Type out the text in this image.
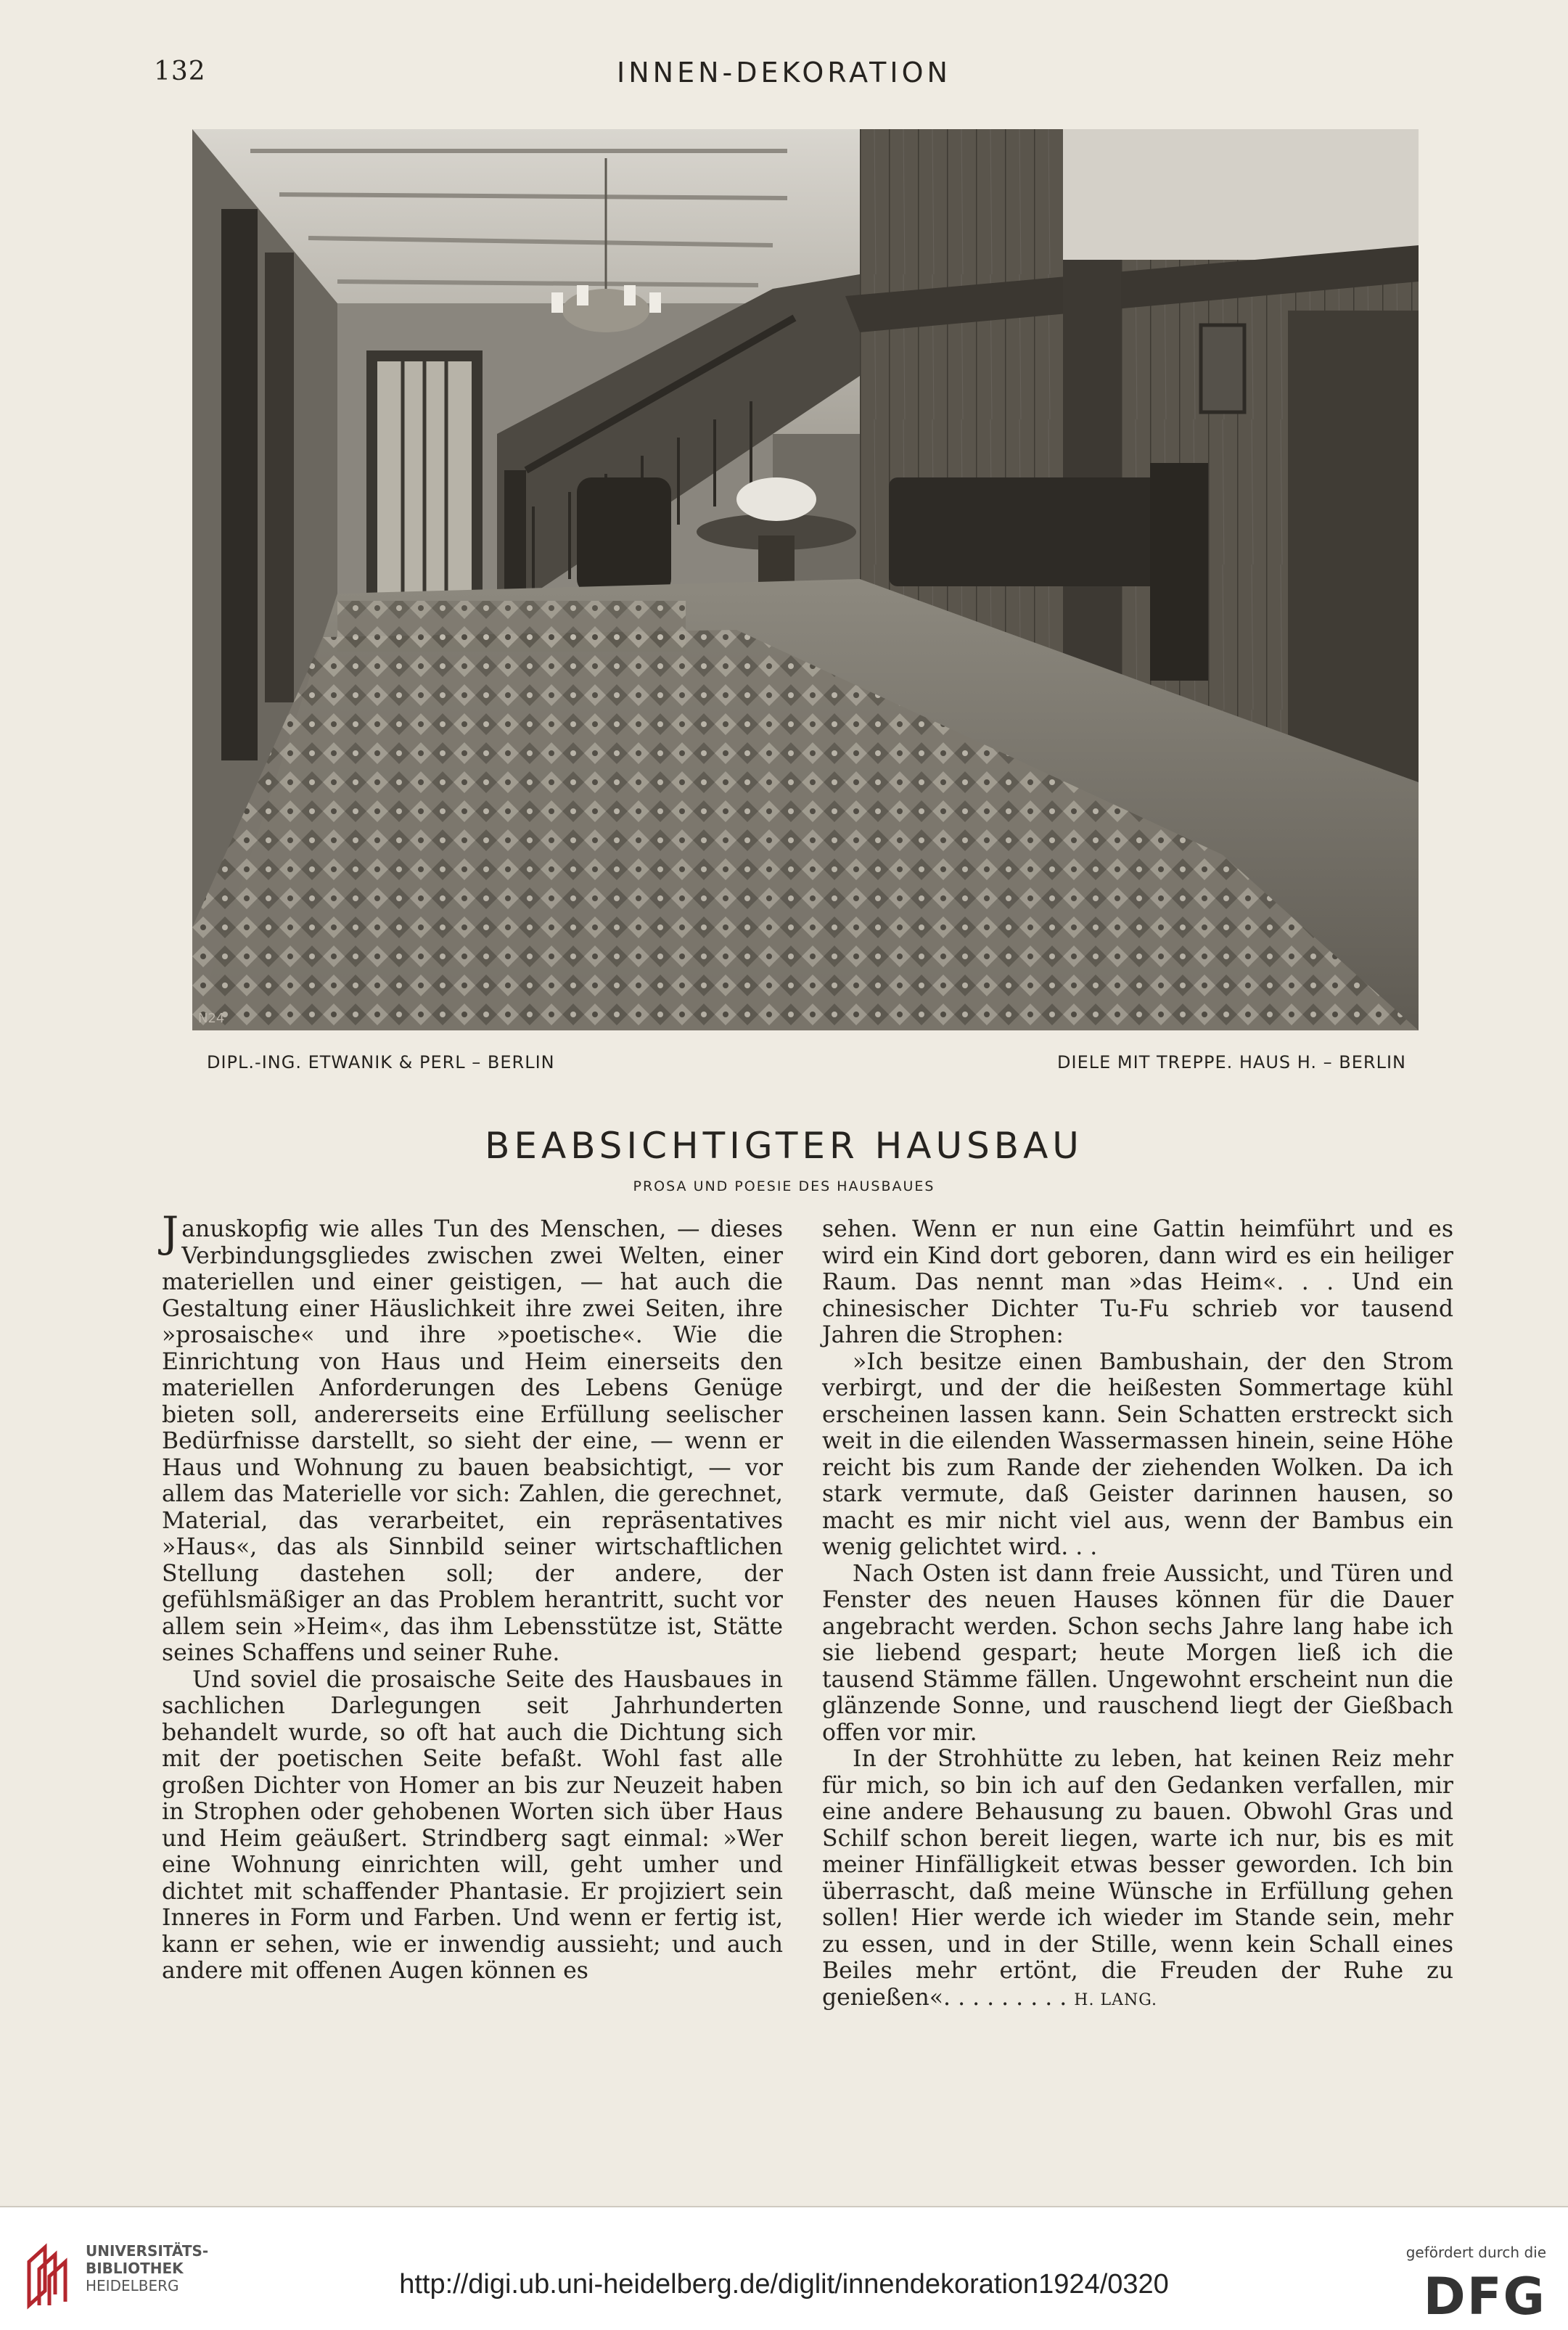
132	INNEN-DEKORATION
N24
DIPL.-ING. ETWANIK & PERL – BERLIN	DIELE MIT TREPPE. HAUS H. – BERLIN
BEABSICHTIGTER HAUSBAU
PROSA UND POESIE DES HAUSBAUES

Januskopfig wie alles Tun des Menschen, — dieses Verbindungsgliedes zwischen zwei Welten, einer materiellen und einer geistigen, — hat auch die Gestaltung einer Häuslichkeit ihre zwei Seiten, ihre »prosaische« und ihre »poetische«. Wie die Einrichtung von Haus und Heim einerseits den materiellen Anforderungen des Lebens Genüge bieten soll, andererseits eine Erfüllung seelischer Bedürfnisse darstellt, so sieht der eine, — wenn er Haus und Wohnung zu bauen beabsichtigt, — vor allem das Materielle vor sich: Zahlen, die gerechnet, Material, das verarbeitet, ein repräsentatives »Haus«, das als Sinnbild seiner wirtschaftlichen Stellung dastehen soll; der andere, der gefühlsmäßiger an das Problem herantritt, sucht vor allem sein »Heim«, das ihm Lebensstütze ist, Stätte seines Schaffens und seiner Ruhe.

Und soviel die prosaische Seite des Hausbaues in sachlichen Darlegungen seit Jahrhunderten behandelt wurde, so oft hat auch die Dichtung sich mit der poetischen Seite befaßt. Wohl fast alle großen Dichter von Homer an bis zur Neuzeit haben in Strophen oder gehobenen Worten sich über Haus und Heim geäußert. Strindberg sagt einmal: »Wer eine Wohnung einrichten will, geht umher und dichtet mit schaffender Phantasie. Er projiziert sein Inneres in Form und Farben. Und wenn er fertig ist, kann er sehen, wie er inwendig aussieht; und auch andere mit offenen Augen können es

sehen. Wenn er nun eine Gattin heimführt und es wird ein Kind dort geboren, dann wird es ein heiliger Raum. Das nennt man »das Heim«. . . Und ein chinesischer Dichter Tu-Fu schrieb vor tausend Jahren die Strophen:

»Ich besitze einen Bambushain, der den Strom verbirgt, und der die heißesten Sommertage kühl erscheinen lassen kann. Sein Schatten erstreckt sich weit in die eilenden Wassermassen hinein, seine Höhe reicht bis zum Rande der ziehenden Wolken. Da ich stark vermute, daß Geister darinnen hausen, so macht es mir nicht viel aus, wenn der Bambus ein wenig gelichtet wird. . .

Nach Osten ist dann freie Aussicht, und Türen und Fenster des neuen Hauses können für die Dauer angebracht werden. Schon sechs Jahre lang habe ich sie liebend gespart; heute Morgen ließ ich die tausend Stämme fällen. Ungewohnt erscheint nun die glänzende Sonne, und rauschend liegt der Gießbach offen vor mir.

In der Strohhütte zu leben, hat keinen Reiz mehr für mich, so bin ich auf den Gedanken verfallen, mir eine andere Behausung zu bauen. Obwohl Gras und Schilf schon bereit liegen, warte ich nur, bis es mit meiner Hinfälligkeit etwas besser geworden. Ich bin überrascht, daß meine Wünsche in Erfüllung gehen sollen! Hier werde ich wieder im Stande sein, mehr zu essen, und in der Stille, wenn kein Schall eines Beiles mehr ertönt, die Freuden der Ruhe zu genießen«. . . . . . . . . H. LANG.

UNIVERSITÄTS-
BIBLIOTHEK
HEIDELBERG	http://digi.ub.uni-heidelberg.de/diglit/innendekoration1924/0320
gefördert durch die
DFG
